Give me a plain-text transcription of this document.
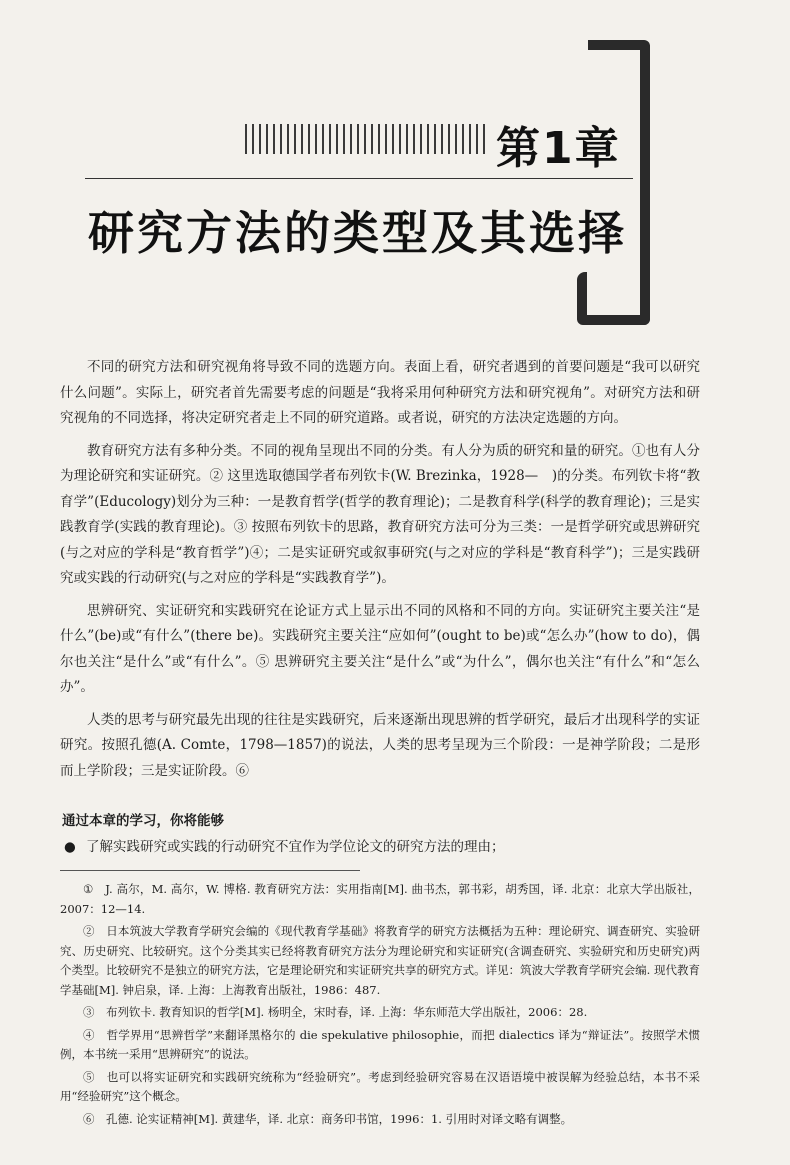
第1章
研究方法的类型及其选择

不同的研究方法和研究视角将导致不同的选题方向。表面上看，研究者遇到的首要问题是“我可以研究什么问题”。实际上，研究者首先需要考虑的问题是“我将采用何种研究方法和研究视角”。对研究方法和研究视角的不同选择，将决定研究者走上不同的研究道路。或者说，研究的方法决定选题的方向。

教育研究方法有多种分类。不同的视角呈现出不同的分类。有人分为质的研究和量的研究。①也有人分为理论研究和实证研究。② 这里选取德国学者布列钦卡(W. Brezinka，1928—　)的分类。布列钦卡将“教育学”(Educology)划分为三种：一是教育哲学(哲学的教育理论)；二是教育科学(科学的教育理论)；三是实践教育学(实践的教育理论)。③ 按照布列钦卡的思路，教育研究方法可分为三类：一是哲学研究或思辨研究(与之对应的学科是“教育哲学”)④；二是实证研究或叙事研究(与之对应的学科是“教育科学”)；三是实践研究或实践的行动研究(与之对应的学科是“实践教育学”)。

思辨研究、实证研究和实践研究在论证方式上显示出不同的风格和不同的方向。实证研究主要关注“是什么”(be)或“有什么”(there be)。实践研究主要关注“应如何”(ought to be)或“怎么办”(how to do)，偶尔也关注“是什么”或“有什么”。⑤ 思辨研究主要关注“是什么”或“为什么”，偶尔也关注“有什么”和“怎么办”。

人类的思考与研究最先出现的往往是实践研究，后来逐渐出现思辨的哲学研究，最后才出现科学的实证研究。按照孔德(A. Comte，1798—1857)的说法，人类的思考呈现为三个阶段：一是神学阶段；二是形而上学阶段；三是实证阶段。⑥

通过本章的学习，你将能够
● 了解实践研究或实践的行动研究不宜作为学位论文的研究方法的理由；

①　J. 高尔，M. 高尔，W. 博格. 教育研究方法：实用指南[M]. 曲书杰，郭书彩，胡秀国，译. 北京：北京大学出版社，2007：12—14.

②　日本筑波大学教育学研究会编的《现代教育学基础》将教育学的研究方法概括为五种：理论研究、调查研究、实验研究、历史研究、比较研究。这个分类其实已经将教育研究方法分为理论研究和实证研究(含调查研究、实验研究和历史研究)两个类型。比较研究不是独立的研究方法，它是理论研究和实证研究共享的研究方式。详见：筑波大学教育学研究会编. 现代教育学基础[M]. 钟启泉，译. 上海：上海教育出版社，1986：487.

③　布列钦卡. 教育知识的哲学[M]. 杨明全，宋时春，译. 上海：华东师范大学出版社，2006：28.

④　哲学界用“思辨哲学”来翻译黑格尔的 die spekulative philosophie，而把 dialectics 译为“辩证法”。按照学术惯例，本书统一采用“思辨研究”的说法。

⑤　也可以将实证研究和实践研究统称为“经验研究”。考虑到经验研究容易在汉语语境中被误解为经验总结，本书不采用“经验研究”这个概念。

⑥　孔德. 论实证精神[M]. 黄建华，译. 北京：商务印书馆，1996：1. 引用时对译文略有调整。
